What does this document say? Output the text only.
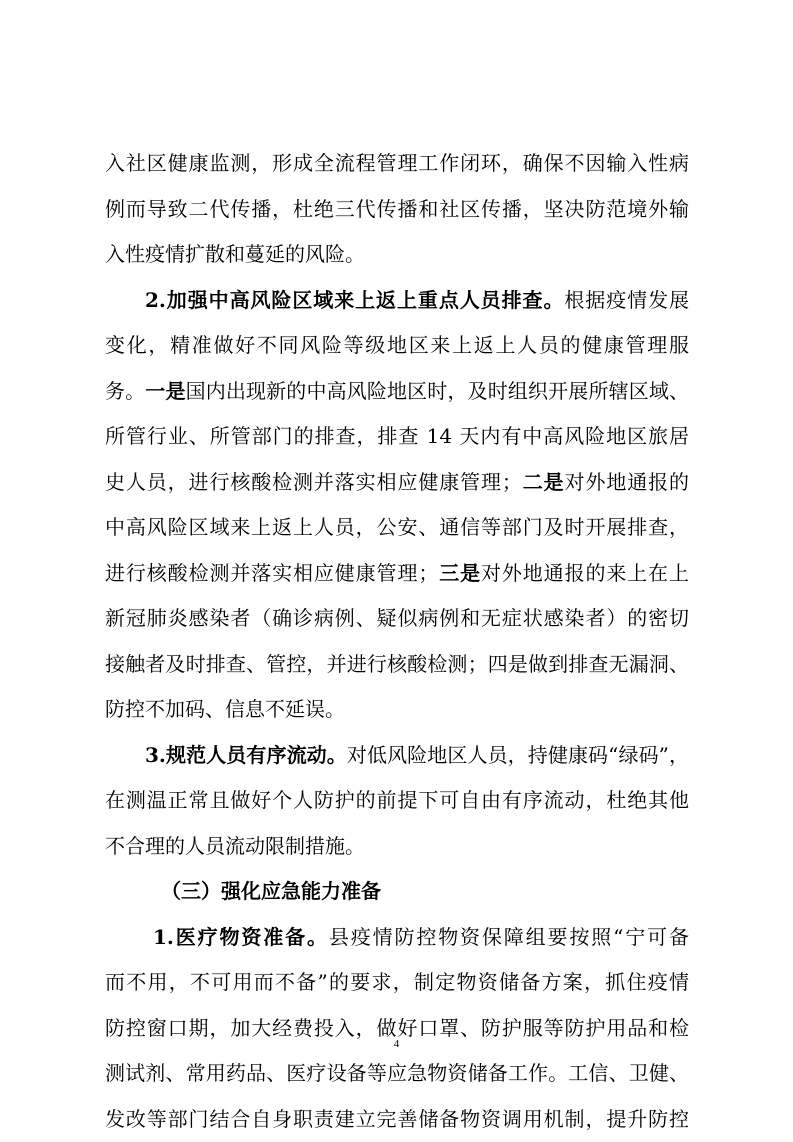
入社区健康监测，形成全流程管理工作闭环，确保不因输入性病
例而导致二代传播，杜绝三代传播和社区传播，坚决防范境外输
入性疫情扩散和蔓延的风险。
2.加强中高风险区域来上返上重点人员排查。根据疫情发展
变化，精准做好不同风险等级地区来上返上人员的健康管理服
务。一是国内出现新的中高风险地区时，及时组织开展所辖区域、
所管行业、所管部门的排查，排查 14 天内有中高风险地区旅居
史人员，进行核酸检测并落实相应健康管理；二是对外地通报的
中高风险区域来上返上人员，公安、通信等部门及时开展排查，
进行核酸检测并落实相应健康管理；三是对外地通报的来上在上
新冠肺炎感染者（确诊病例、疑似病例和无症状感染者）的密切
接触者及时排查、管控，并进行核酸检测；四是做到排查无漏洞、
防控不加码、信息不延误。
3.规范人员有序流动。对低风险地区人员，持健康码“绿码”，
在测温正常且做好个人防护的前提下可自由有序流动，杜绝其他
不合理的人员流动限制措施。
（三）强化应急能力准备
1.医疗物资准备。县疫情防控物资保障组要按照“宁可备
而不用，不可用而不备”的要求，制定物资储备方案，抓住疫情
防控窗口期，加大经费投入，做好口罩、防护服等防护用品和检
测试剂、常用药品、医疗设备等应急物资储备工作。工信、卫健、
发改等部门结合自身职责建立完善储备物资调用机制，提升防控
4
